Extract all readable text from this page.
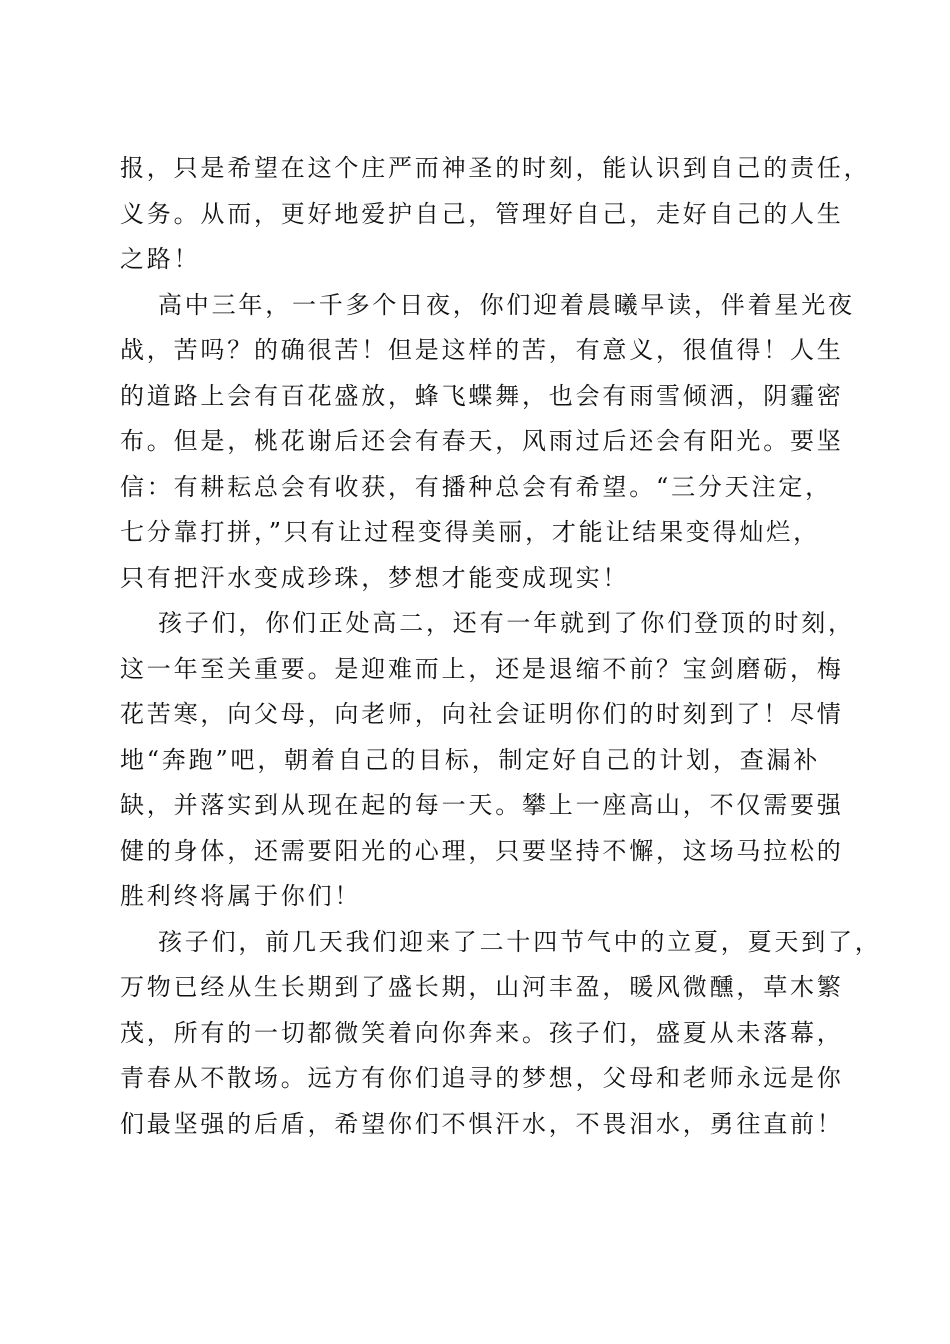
报，只是希望在这个庄严而神圣的时刻，能认识到自己的责任，
义务。从而，更好地爱护自己，管理好自己，走好自己的人生
之路！
高中三年，一千多个日夜，你们迎着晨曦早读，伴着星光夜
战，苦吗？的确很苦！但是这样的苦，有意义，很值得！人生
的道路上会有百花盛放，蜂飞蝶舞，也会有雨雪倾洒，阴霾密
布。但是，桃花谢后还会有春天，风雨过后还会有阳光。要坚
信：有耕耘总会有收获，有播种总会有希望。“三分天注定，
七分靠打拼，”只有让过程变得美丽，才能让结果变得灿烂，
只有把汗水变成珍珠，梦想才能变成现实！
孩子们，你们正处高二，还有一年就到了你们登顶的时刻，
这一年至关重要。是迎难而上，还是退缩不前？宝剑磨砺，梅
花苦寒，向父母，向老师，向社会证明你们的时刻到了！尽情
地“奔跑”吧，朝着自己的目标，制定好自己的计划，查漏补
缺，并落实到从现在起的每一天。攀上一座高山，不仅需要强
健的身体，还需要阳光的心理，只要坚持不懈，这场马拉松的
胜利终将属于你们！
孩子们，前几天我们迎来了二十四节气中的立夏，夏天到了，
万物已经从生长期到了盛长期，山河丰盈，暖风微醺，草木繁
茂，所有的一切都微笑着向你奔来。孩子们，盛夏从未落幕，
青春从不散场。远方有你们追寻的梦想，父母和老师永远是你
们最坚强的后盾，希望你们不惧汗水，不畏泪水，勇往直前！
